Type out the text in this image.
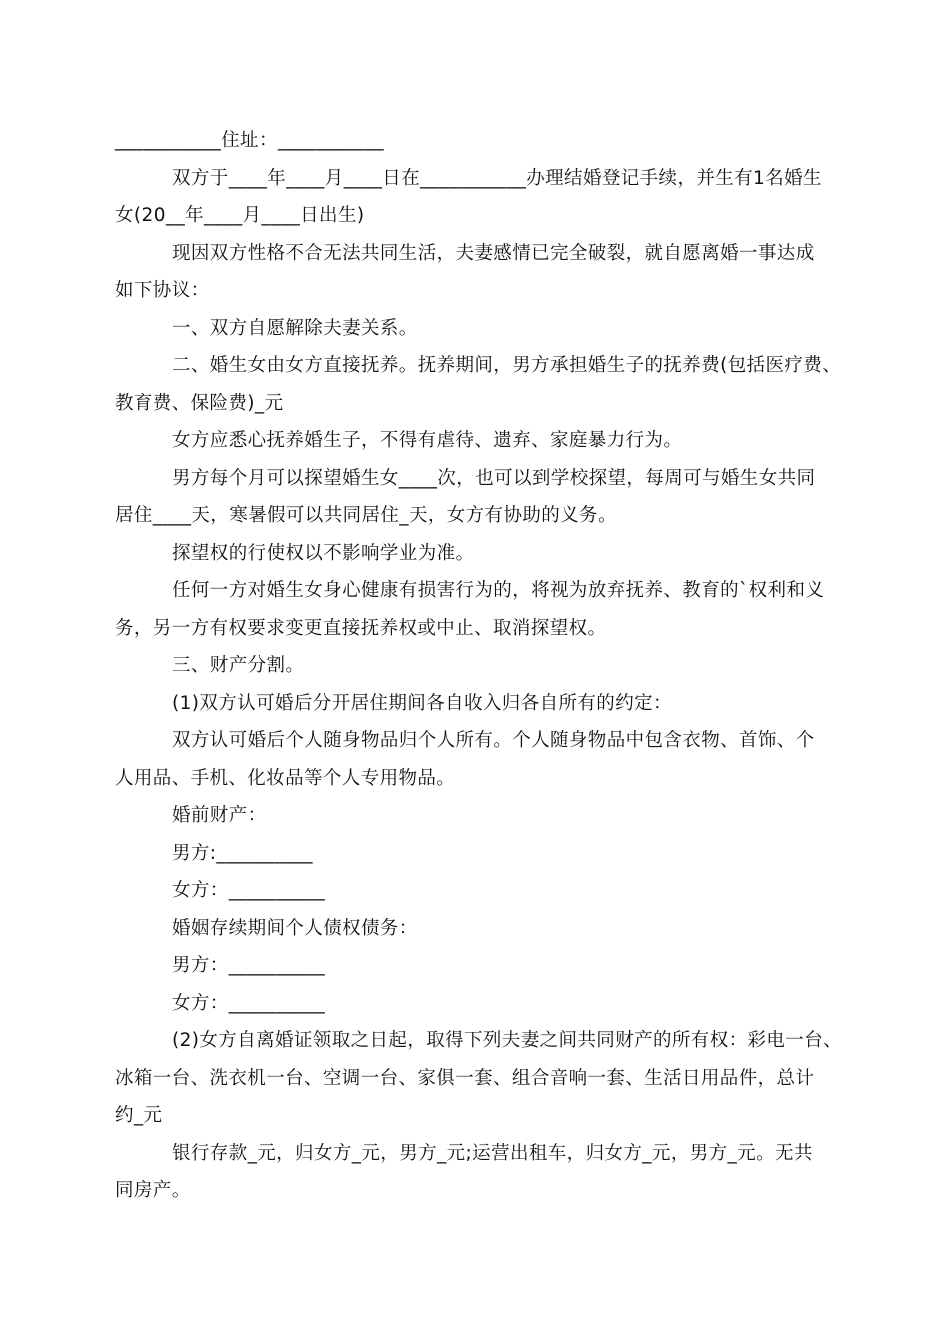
___________住址：___________
双方于____年____月____日在___________办理结婚登记手续，并生有1名婚生
女(20__年____月____日出生)
现因双方性格不合无法共同生活，夫妻感情已完全破裂，就自愿离婚一事达成
如下协议：
一、双方自愿解除夫妻关系。
二、婚生女由女方直接抚养。抚养期间，男方承担婚生子的抚养费(包括医疗费、
教育费、保险费)_元
女方应悉心抚养婚生子，不得有虐待、遗弃、家庭暴力行为。
男方每个月可以探望婚生女____次，也可以到学校探望，每周可与婚生女共同
居住____天，寒暑假可以共同居住_天，女方有协助的义务。
探望权的行使权以不影响学业为准。
任何一方对婚生女身心健康有损害行为的，将视为放弃抚养、教育的`权利和义
务，另一方有权要求变更直接抚养权或中止、取消探望权。
三、财产分割。
(1)双方认可婚后分开居住期间各自收入归各自所有的约定：
双方认可婚后个人随身物品归个人所有。个人随身物品中包含衣物、首饰、个
人用品、手机、化妆品等个人专用物品。
婚前财产：
男方:__________
女方：__________
婚姻存续期间个人债权债务：
男方：__________
女方：__________
(2)女方自离婚证领取之日起，取得下列夫妻之间共同财产的所有权：彩电一台、
冰箱一台、洗衣机一台、空调一台、家俱一套、组合音响一套、生活日用品件，总计
约_元
银行存款_元，归女方_元，男方_元;运营出租车，归女方_元，男方_元。无共
同房产。
